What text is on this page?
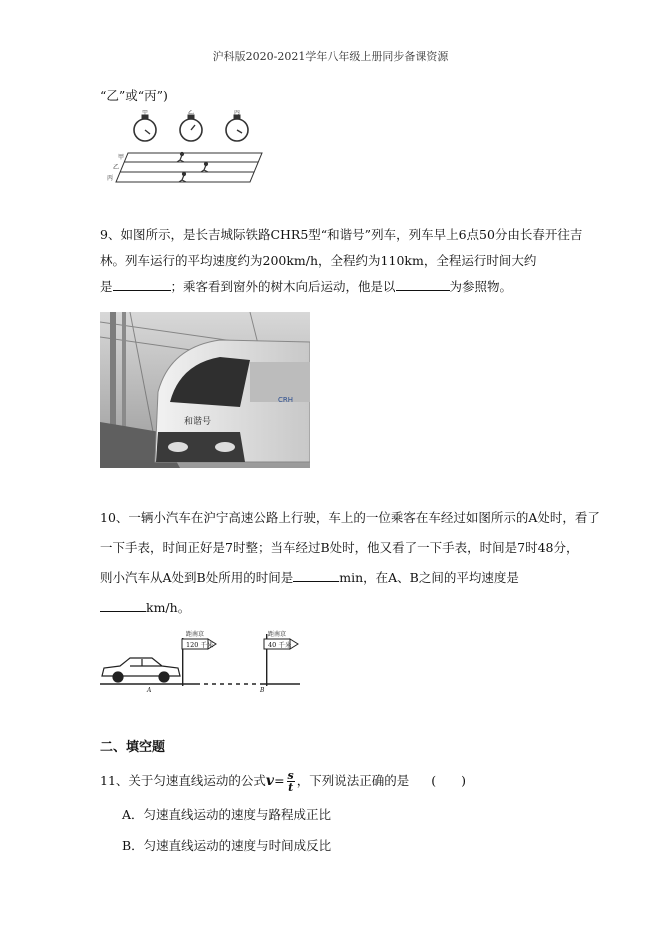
沪科版2020-2021学年八年级上册同步备课资源
“乙”或“丙”)
甲	乙	丙
甲
乙
丙
9、如图所示，是长吉城际铁路CHR5型“和谐号”列车，列车早上6点50分由长春开往吉
林。列车运行的平均速度约为200km/h，全程约为110km，全程运行时间大约
是	；乘客看到窗外的树木向后运动，他是以	为参照物。
和谐号
CRH
10、一辆小汽车在沪宁高速公路上行驶，车上的一位乘客在车经过如图所示的A处时，看了
一下手表，时间正好是7时整；当车经过B处时，他又看了一下手表，时间是7时48分，
则小汽车从A处到B处所用的时间是	min，在A、B之间的平均速度是
km/h。
距南京
120 千米
距南京
40 千米
A	B
二、填空题
11、关于匀速直线运动的公式$v= \frac{s}{t}$ ，下列说法正确的是 (　　)
A．匀速直线运动的速度与路程成正比
B．匀速直线运动的速度与时间成反比
